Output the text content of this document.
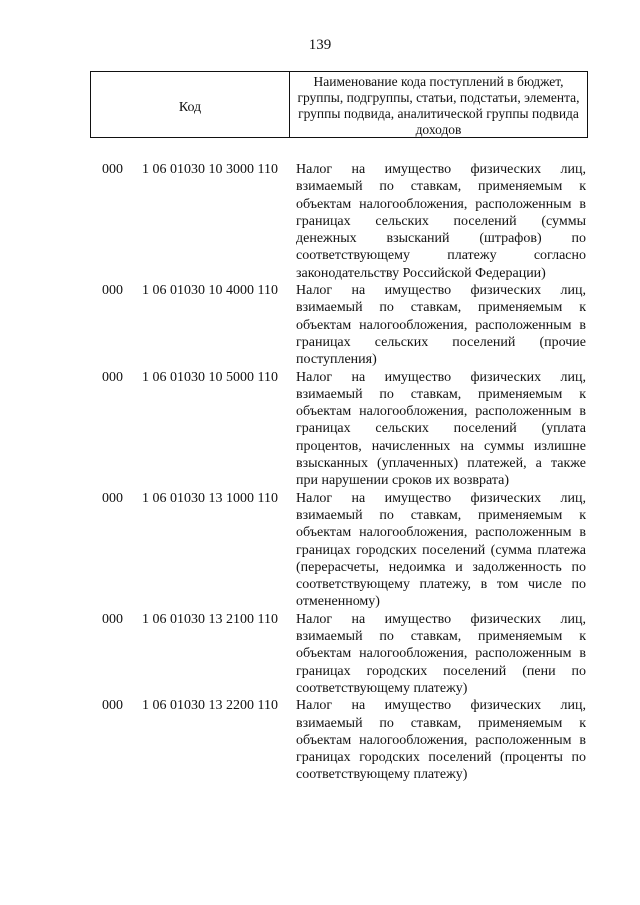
139
Код
Наименование кода поступлений в бюджет, группы, подгруппы, статьи, подстатьи, элемента, группы подвида, аналитической группы подвида доходов
000 1 06 01030 10 3000 110 Налог на имущество физических лиц, взимаемый по ставкам, применяемым к объектам налогообложения, расположенным в границах сельских поселений (суммы денежных взысканий (штрафов) по соответствующему платежу согласно законодательству Российской Федерации)
000 1 06 01030 10 4000 110 Налог на имущество физических лиц, взимаемый по ставкам, применяемым к объектам налогообложения, расположенным в границах сельских поселений (прочие поступления)
000 1 06 01030 10 5000 110 Налог на имущество физических лиц, взимаемый по ставкам, применяемым к объектам налогообложения, расположенным в границах сельских поселений (уплата процентов, начисленных на суммы излишне взысканных (уплаченных) платежей, а также при нарушении сроков их возврата)
000 1 06 01030 13 1000 110 Налог на имущество физических лиц, взимаемый по ставкам, применяемым к объектам налогообложения, расположенным в границах городских поселений (сумма платежа (перерасчеты, недоимка и задолженность по соответствующему платежу, в том числе по отмененному)
000 1 06 01030 13 2100 110 Налог на имущество физических лиц, взимаемый по ставкам, применяемым к объектам налогообложения, расположенным в границах городских поселений (пени по соответствующему платежу)
000 1 06 01030 13 2200 110 Налог на имущество физических лиц, взимаемый по ставкам, применяемым к объектам налогообложения, расположенным в границах городских поселений (проценты по соответствующему платежу)
